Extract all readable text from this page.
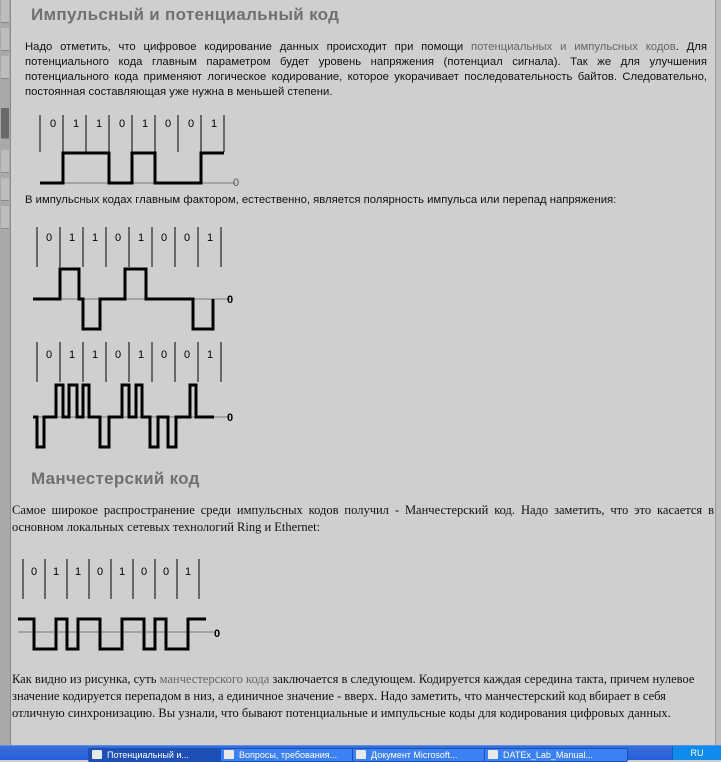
Импульсный и потенциальный код
Надо отметить, что цифровое кодирование данных происходит при помощи потенциальных и импульсных кодов. Для потенциального кода главным параметром будет уровень напряжения (потенциал сигнала). Так же для улучшения потенциального кода применяют логическое кодирование, которое укорачивает последовательность байтов. Следовательно, постоянная составляющая уже нужна в меньшей степени.
0 1 1 0 1 0 0 1
0
В импульсных кодах главным фактором, естественно, является полярность импульса или перепад напряжения:
0 1 1 0 1 0 0 1
0
0 1 1 0 1 0 0 1
0
Манчестерский код
Самое широкое распространение среди импульсных кодов получил - Манчестерский код. Надо заметить, что это касается в основном локальных сетевых технологий Ring и Ethernet:
0 1 1 0 1 0 0 1
0
Как видно из рисунка, суть манчестерского кода заключается в следующем. Кодируется каждая середина такта, причем нулевое значение кодируется перепадом в низ, а единичное значение - вверх. Надо заметить, что манчестерский код вбирает в себя отличную синхронизацию. Вы узнали, что бывают потенциальные и импульсные коды для кодирования цифровых данных.
Потенциальный и...	Вопросы, требования...	Документ Microsoft...	DATEx_Lab_Manual...	RU
